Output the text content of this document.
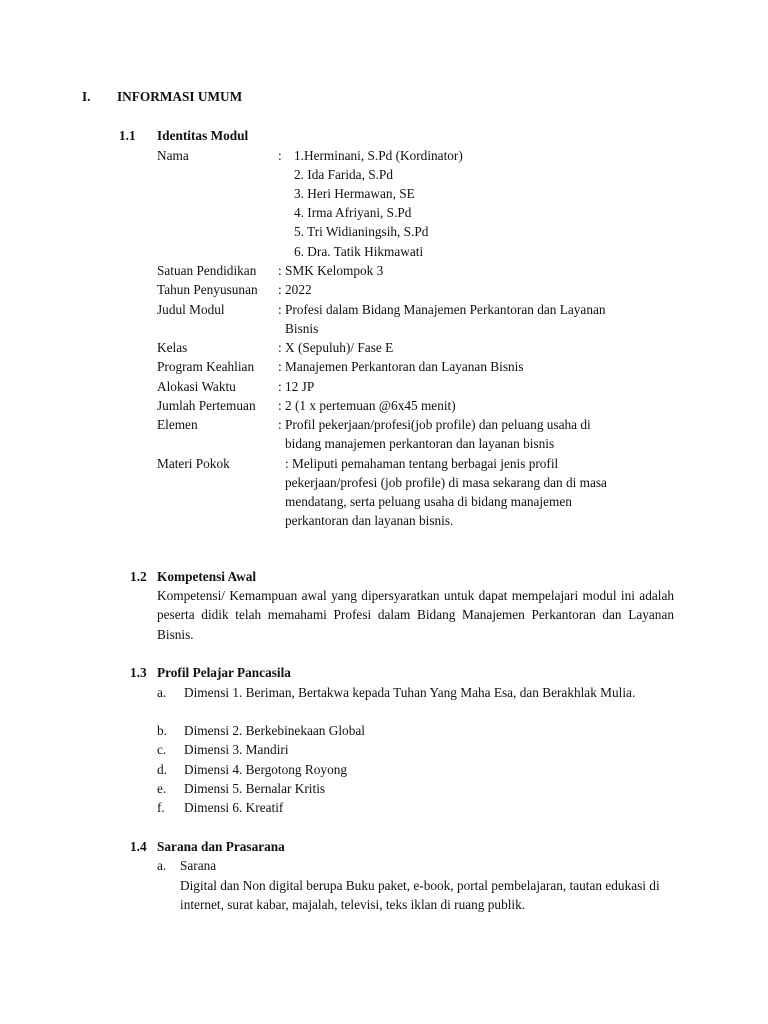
I. INFORMASI UMUM
1.1 Identitas Modul
Nama	: 1.Herminani, S.Pd (Kordinator)
2. Ida Farida, S.Pd
3. Heri Hermawan, SE
4. Irma Afriyani, S.Pd
5. Tri Widianingsih, S.Pd
6. Dra. Tatik Hikmawati
Satuan Pendidikan : SMK Kelompok 3
Tahun Penyusunan : 2022
Judul Modul	: Profesi dalam Bidang Manajemen Perkantoran dan Layanan
Bisnis
Kelas	: X (Sepuluh)/ Fase E
Program Keahlian : Manajemen Perkantoran dan Layanan Bisnis
Alokasi Waktu	: 12 JP
Jumlah Pertemuan : 2 (1 x pertemuan @6x45 menit)
Elemen	: Profil pekerjaan/profesi(job profile) dan peluang usaha di
bidang manajemen perkantoran dan layanan bisnis
Materi Pokok	: Meliputi pemahaman tentang berbagai jenis profil
pekerjaan/profesi (job profile) di masa sekarang dan di masa
mendatang, serta peluang usaha di bidang manajemen
perkantoran dan layanan bisnis.
1.2 Kompetensi Awal
Kompetensi/ Kemampuan awal yang dipersyaratkan untuk dapat mempelajari modul ini adalah peserta didik telah memahami Profesi dalam Bidang Manajemen Perkantoran dan Layanan Bisnis.
1.3 Profil Pelajar Pancasila
a. Dimensi 1. Beriman, Bertakwa kepada Tuhan Yang Maha Esa, dan Berakhlak Mulia.
b. Dimensi 2. Berkebinekaan Global
c. Dimensi 3. Mandiri
d. Dimensi 4. Bergotong Royong
e. Dimensi 5. Bernalar Kritis
f. Dimensi 6. Kreatif
1.4 Sarana dan Prasarana
a. Sarana
Digital dan Non digital berupa Buku paket, e-book, portal pembelajaran, tautan edukasi di internet, surat kabar, majalah, televisi, teks iklan di ruang publik.
